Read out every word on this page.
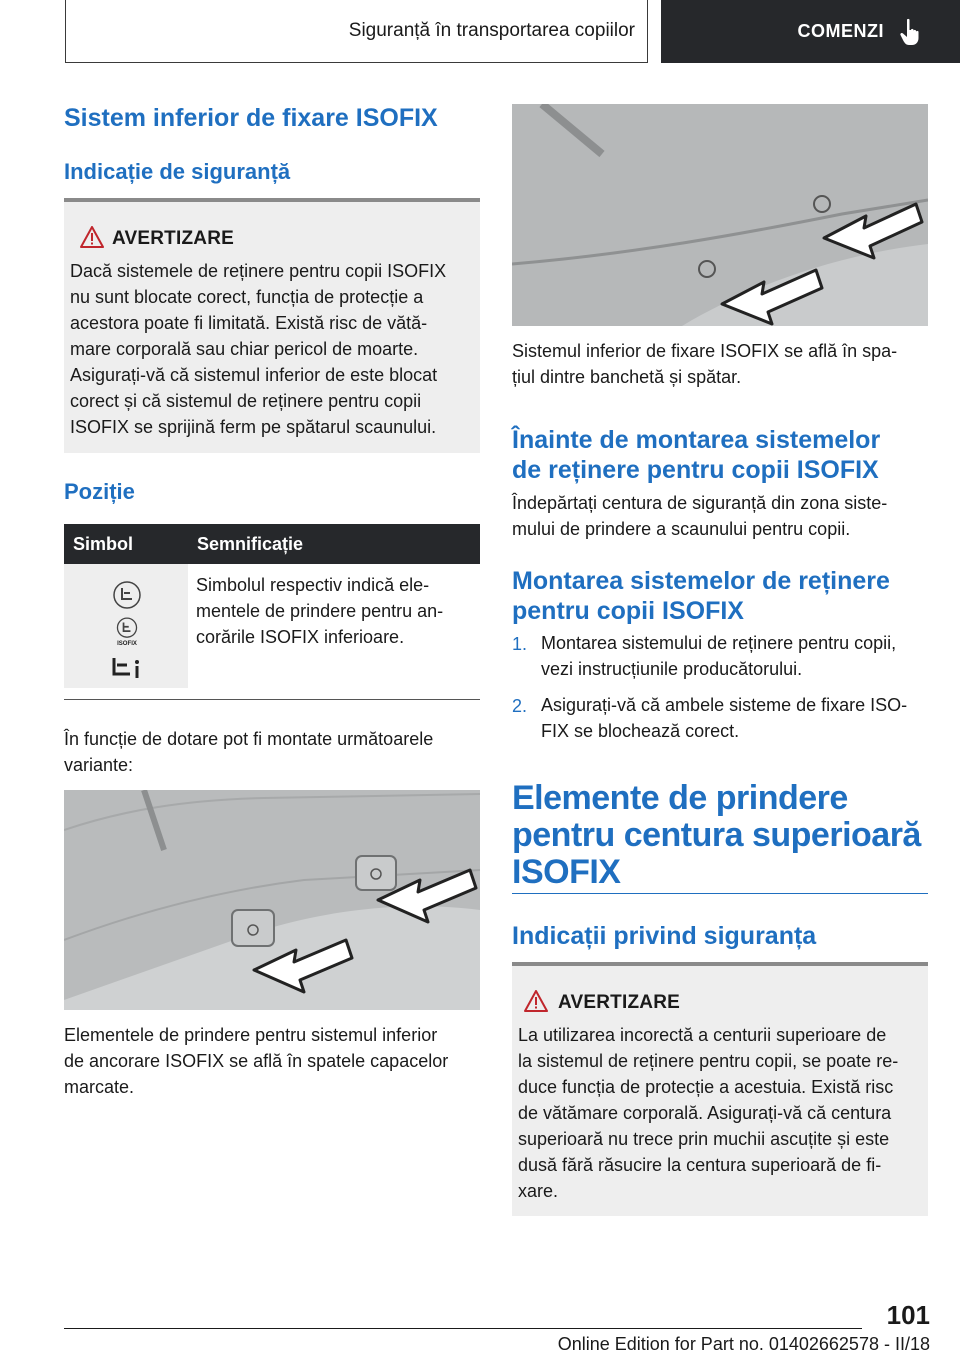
Siguranță în transportarea copiilor	COMENZI
Sistem inferior de fixare ISOFIX
Indicație de siguranță
AVERTIZARE
Dacă sistemele de reținere pentru copii ISOFIX
nu sunt blocate corect, funcția de protecție a
acestora poate fi limitată. Există risc de vătă‐
mare corporală sau chiar pericol de moarte.
Asigurați-vă că sistemul inferior de este blocat
corect și că sistemul de reținere pentru copii
ISOFIX se sprijină ferm pe spătarul scaunului.
Poziție
Simbol	Semnificație
ISOFIX
Simbolul respectiv indică ele‐
mentele de prindere pentru an‐
corările ISOFIX inferioare.
În funcție de dotare pot fi montate următoarele
variante:
Elementele de prindere pentru sistemul inferior
de ancorare ISOFIX se află în spatele capacelor
marcate.
Sistemul inferior de fixare ISOFIX se află în spa‐
țiul dintre banchetă și spătar.
Înainte de montarea sistemelor
de reținere pentru copii ISOFIX
Îndepărtați centura de siguranță din zona siste‐
mului de prindere a scaunului pentru copii.
Montarea sistemelor de reținere
pentru copii ISOFIX
1. Montarea sistemului de reținere pentru copii,
vezi instrucțiunile producătorului.
2. Asigurați-vă că ambele sisteme de fixare ISO‐
FIX se blochează corect.
Elemente de prindere
pentru centura superioară
ISOFIX
Indicații privind siguranța
AVERTIZARE
La utilizarea incorectă a centurii superioare de
la sistemul de reținere pentru copii, se poate re‐
duce funcția de protecție a acestuia. Există risc
de vătămare corporală. Asigurați-vă că centura
superioară nu trece prin muchii ascuțite și este
dusă fără răsucire la centura superioară de fi‐
xare.
101
Online Edition for Part no. 01402662578 - II/18
